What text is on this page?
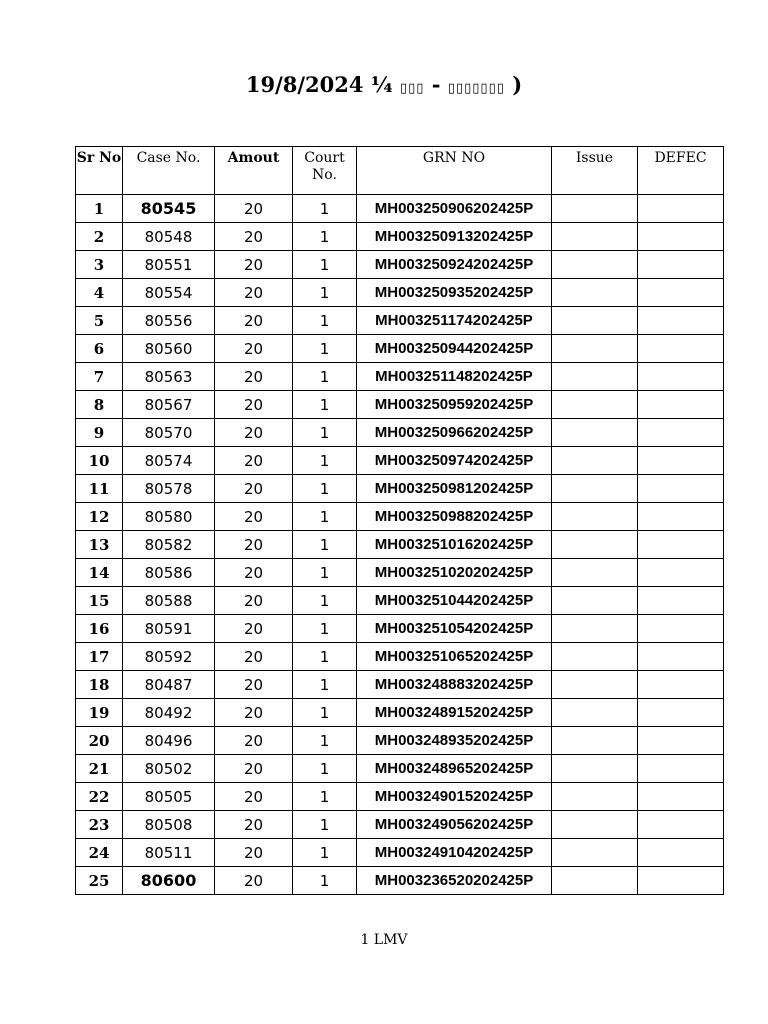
19/8/2024 ¼ ▯▯▯ - ▯▯▯▯▯▯▯ )
Sr No	Case No.	Amout	Court No.	GRN NO	Issue	DEFEC
1	80545	20	1	MH003250906202425P		
2	80548	20	1	MH003250913202425P		
3	80551	20	1	MH003250924202425P		
4	80554	20	1	MH003250935202425P		
5	80556	20	1	MH003251174202425P		
6	80560	20	1	MH003250944202425P		
7	80563	20	1	MH003251148202425P		
8	80567	20	1	MH003250959202425P		
9	80570	20	1	MH003250966202425P		
10	80574	20	1	MH003250974202425P		
11	80578	20	1	MH003250981202425P		
12	80580	20	1	MH003250988202425P		
13	80582	20	1	MH003251016202425P		
14	80586	20	1	MH003251020202425P		
15	80588	20	1	MH003251044202425P		
16	80591	20	1	MH003251054202425P		
17	80592	20	1	MH003251065202425P		
18	80487	20	1	MH003248883202425P		
19	80492	20	1	MH003248915202425P		
20	80496	20	1	MH003248935202425P		
21	80502	20	1	MH003248965202425P		
22	80505	20	1	MH003249015202425P		
23	80508	20	1	MH003249056202425P		
24	80511	20	1	MH003249104202425P		
25	80600	20	1	MH003236520202425P		
1 LMV
